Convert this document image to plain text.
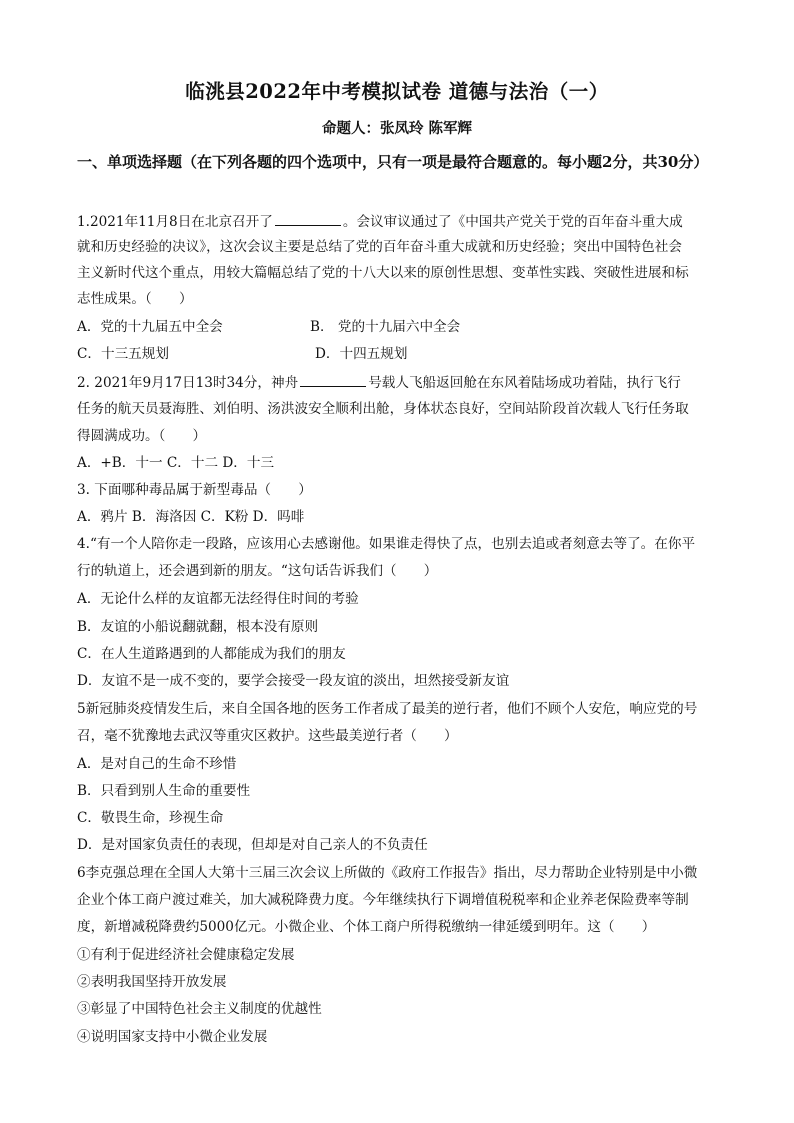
临洮县2022年中考模拟试卷 道德与法治（一）
命题人：张凤玲 陈军辉
一、单项选择题（在下列各题的四个选项中，只有一项是最符合题意的。每小题2分，共30分）
1.2021年11月8日在北京召开了	。会议审议通过了《中国共产党关于党的百年奋斗重大成
就和历史经验的决议》，这次会议主要是总结了党的百年奋斗重大成就和历史经验；突出中国特色社会
主义新时代这个重点，用较大篇幅总结了党的十八大以来的原创性思想、变革性实践、突破性进展和标
志性成果。（　　）
A．党的十九届五中全会	B． 党的十九届六中全会
C．十三五规划	D．十四五规划
2. 2021年9月17日13时34分，神舟	号载人飞船返回舱在东风着陆场成功着陆，执行飞行
任务的航天员聂海胜、刘伯明、汤洪波安全顺利出舱，身体状态良好，空间站阶段首次载人飞行任务取
得圆满成功。（　　）
A．+B．十一 C．十二 D．十三
3. 下面哪种毒品属于新型毒品（　　）
A．鸦片 B．海洛因 C．K粉 D．吗啡
4.“有一个人陪你走一段路，应该用心去感谢他。如果谁走得快了点，也别去追或者刻意去等了。在你平
行的轨道上，还会遇到新的朋友。“这句话告诉我们（　　）
A．无论什么样的友谊都无法经得住时间的考验
B．友谊的小船说翻就翻，根本没有原则
C．在人生道路遇到的人都能成为我们的朋友
D．友谊不是一成不变的，要学会接受一段友谊的淡出，坦然接受新友谊
5新冠肺炎疫情发生后，来自全国各地的医务工作者成了最美的逆行者，他们不顾个人安危，响应党的号
召，毫不犹豫地去武汉等重灾区救护。这些最美逆行者（　　）
A．是对自己的生命不珍惜
B．只看到别人生命的重要性
C．敬畏生命，珍视生命
D．是对国家负责任的表现，但却是对自己亲人的不负责任
6李克强总理在全国人大第十三届三次会议上所做的《政府工作报告》指出，尽力帮助企业特别是中小微
企业个体工商户渡过难关，加大减税降费力度。今年继续执行下调增值税税率和企业养老保险费率等制
度，新增减税降费约5000亿元。小微企业、个体工商户所得税缴纳一律延缓到明年。这（　　）
①有利于促进经济社会健康稳定发展
②表明我国坚持开放发展
③彰显了中国特色社会主义制度的优越性
④说明国家支持中小微企业发展
